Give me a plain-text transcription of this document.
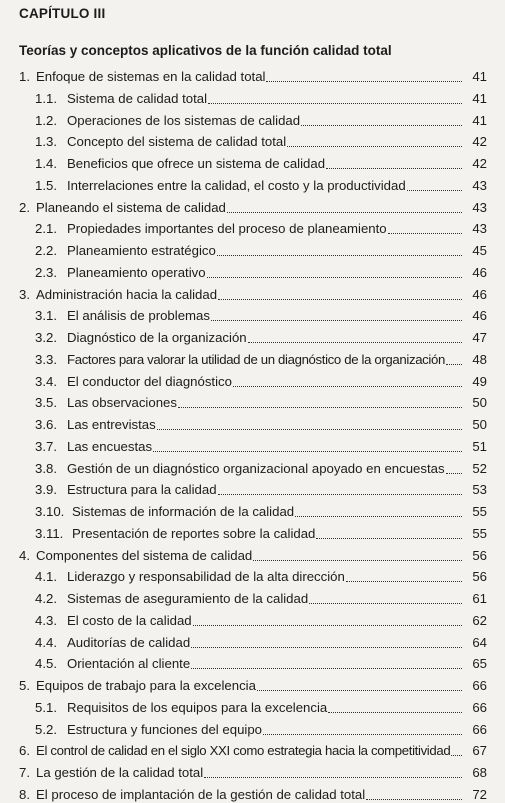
CAPÍTULO III
Teorías y conceptos aplicativos de la función calidad total
1. Enfoque de sistemas en la calidad total	41
1.1. Sistema de calidad total	41
1.2. Operaciones de los sistemas de calidad	41
1.3. Concepto del sistema de calidad total	42
1.4. Beneficios que ofrece un sistema de calidad	42
1.5. Interrelaciones entre la calidad, el costo y la productividad	43
2. Planeando el sistema de calidad	43
2.1. Propiedades importantes del proceso de planeamiento	43
2.2. Planeamiento estratégico	45
2.3. Planeamiento operativo	46
3. Administración hacia la calidad	46
3.1. El análisis de problemas	46
3.2. Diagnóstico de la organización	47
3.3. Factores para valorar la utilidad de un diagnóstico de la organización	48
3.4. El conductor del diagnóstico	49
3.5. Las observaciones	50
3.6. Las entrevistas	50
3.7. Las encuestas	51
3.8. Gestión de un diagnóstico organizacional apoyado en encuestas	52
3.9. Estructura para la calidad	53
3.10. Sistemas de información de la calidad	55
3.11. Presentación de reportes sobre la calidad	55
4. Componentes del sistema de calidad	56
4.1. Liderazgo y responsabilidad de la alta dirección	56
4.2. Sistemas de aseguramiento de la calidad	61
4.3. El costo de la calidad	62
4.4. Auditorías de calidad	64
4.5. Orientación al cliente	65
5. Equipos de trabajo para la excelencia	66
5.1. Requisitos de los equipos para la excelencia	66
5.2. Estructura y funciones del equipo	66
6. El control de calidad en el siglo XXI como estrategia hacia la competitividad	67
7. La gestión de la calidad total	68
8. El proceso de implantación de la gestión de calidad total	72
